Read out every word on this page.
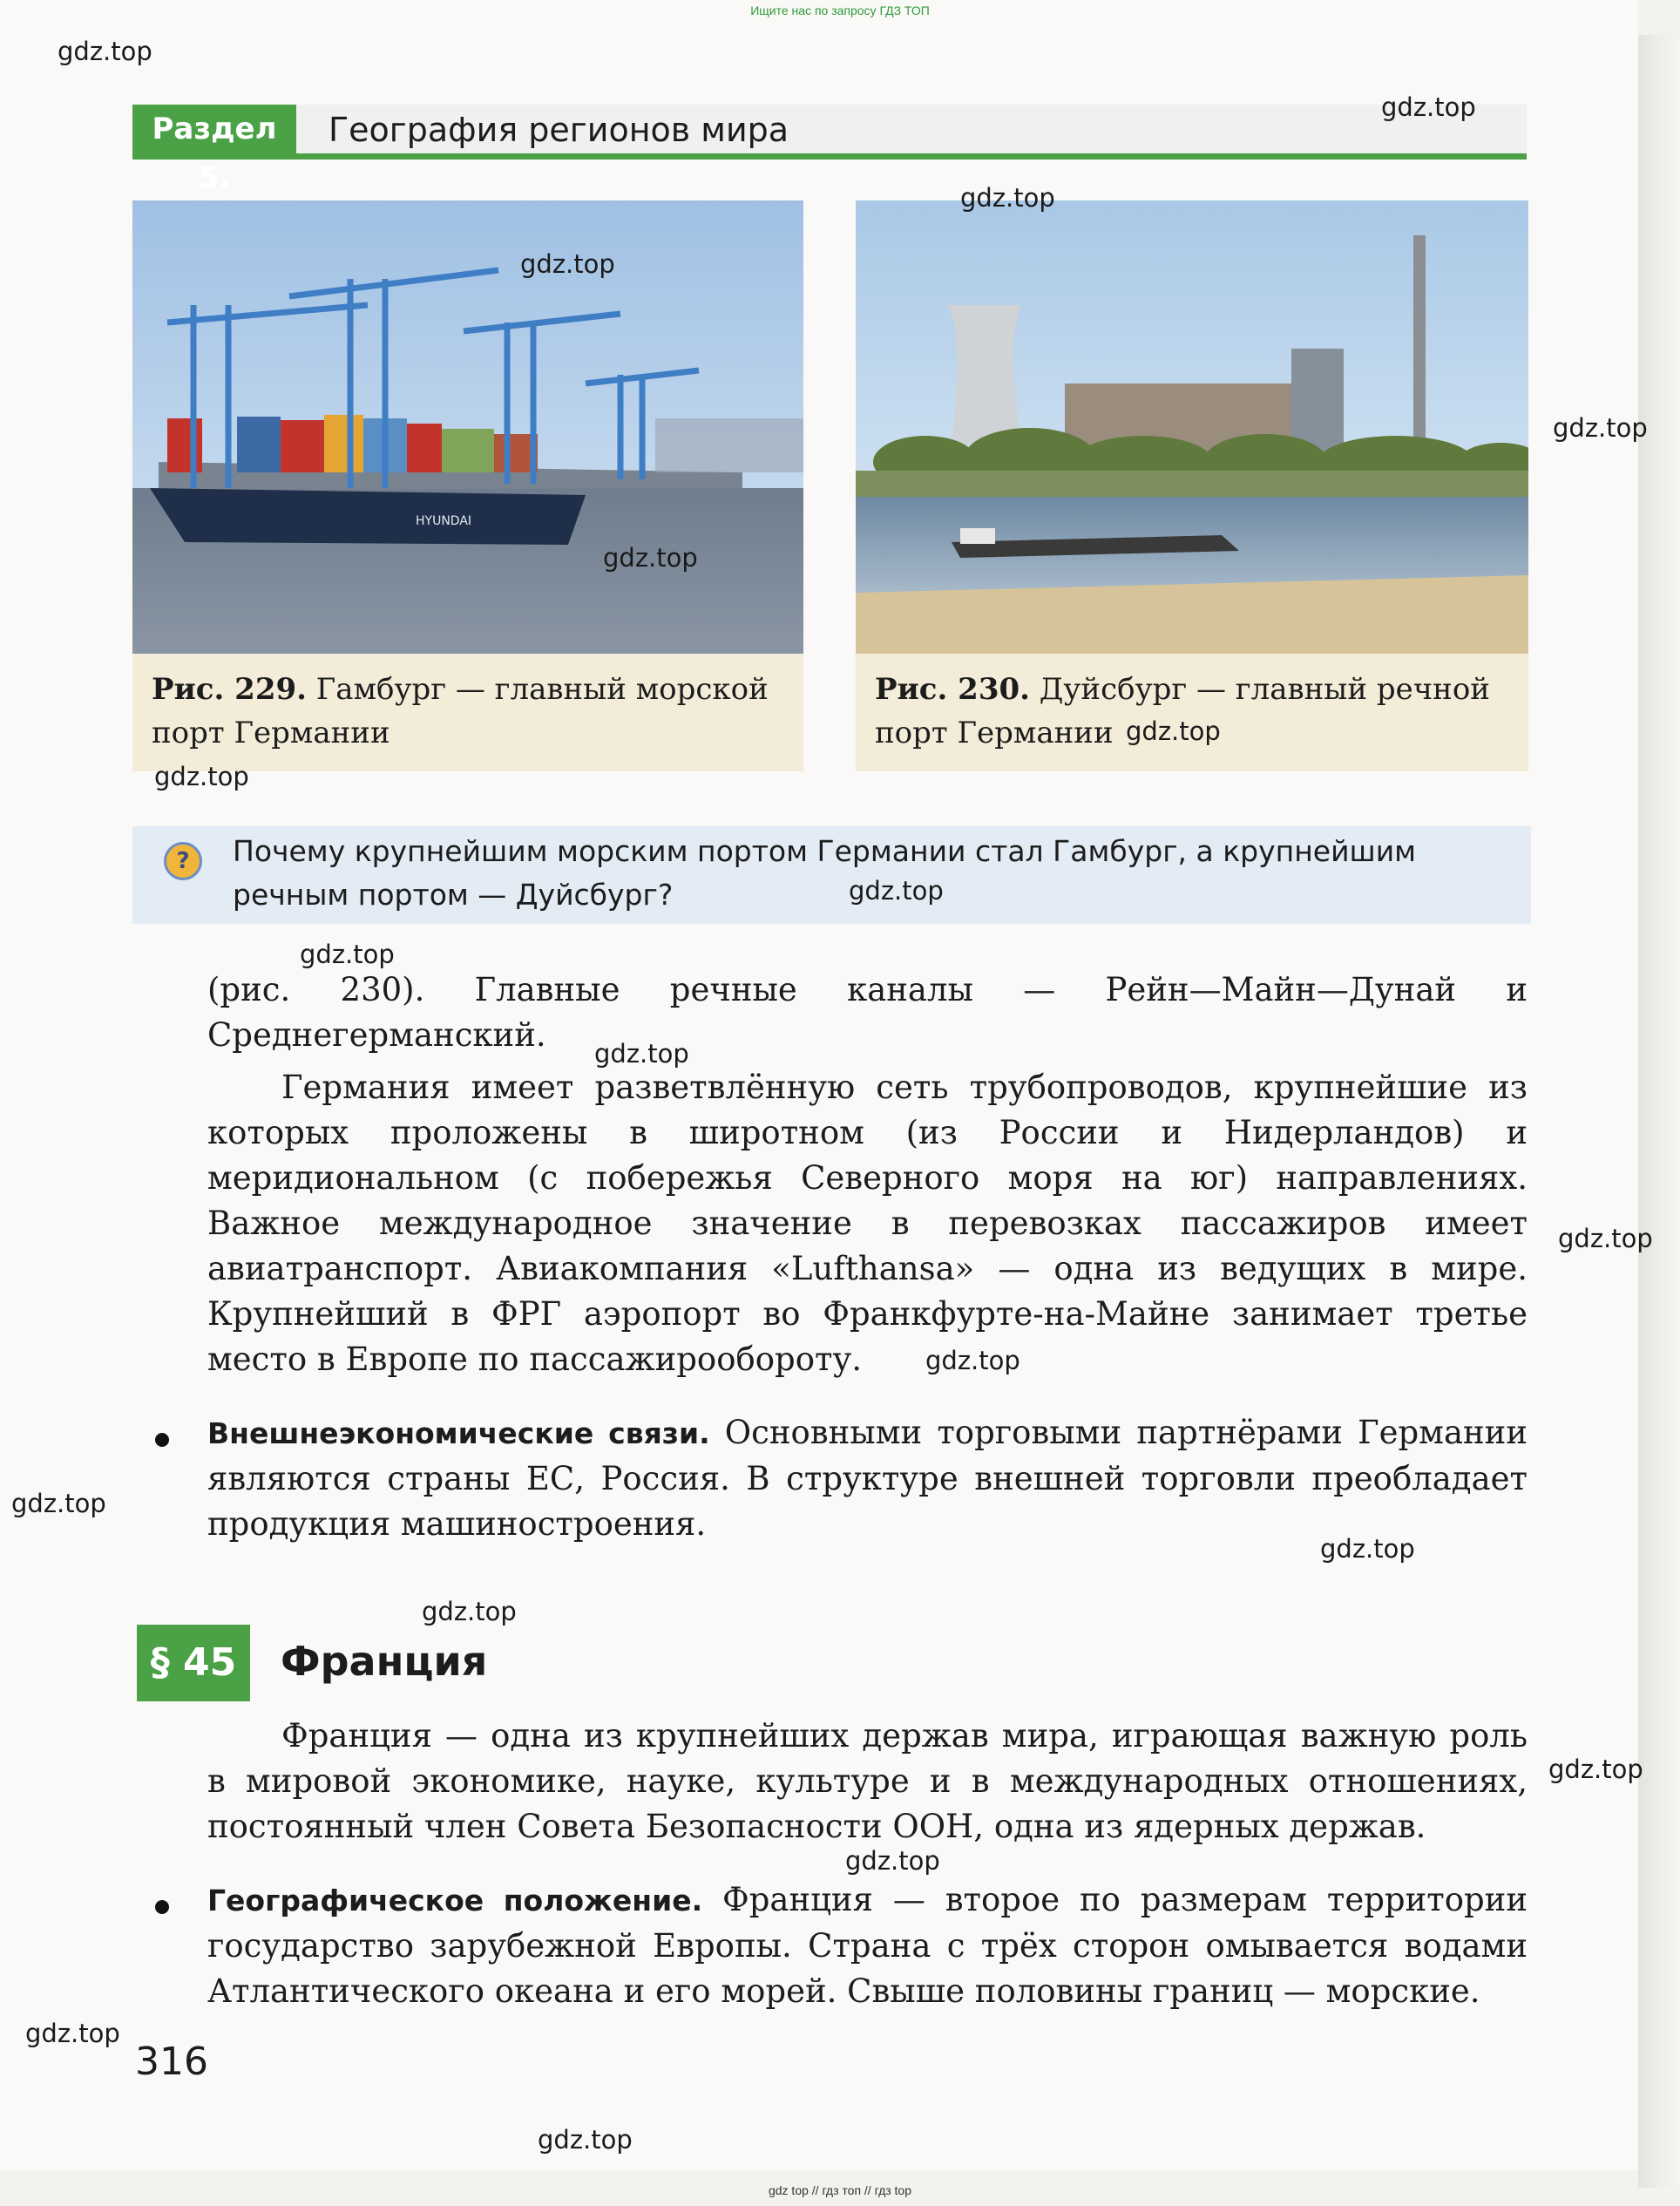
Ищите нас по запросу ГДЗ ТОП
Раздел 5.
География регионов мира
HYUNDAI
Рис. 229. Гамбург — главный морской порт Германии
Рис. 230. Дуйсбург — главный речной порт Германии
?	Почему крупнейшим морским портом Германии стал Гамбург, а крупнейшим речным портом — Дуйсбург?
(рис. 230). Главные речные каналы — Рейн—Майн—Дунай и Среднегерманский.
Германия имеет разветвлённую сеть трубопроводов, крупнейшие из которых проложены в широтном (из России и Нидерландов) и меридиональном (с побережья Северного моря на юг) направлениях. Важное международное значение в перевозках пассажиров имеет авиатранспорт. Авиакомпания «Lufthansa» — одна из ведущих в мире. Крупнейший в ФРГ аэропорт во Франкфурте-на-Майне занимает третье место в Европе по пассажирообороту.
Внешнеэкономические связи. Основными торговыми партнёрами Германии являются страны ЕС, Россия. В структуре внешней торговли преобладает продукция машиностроения.
§ 45	Франция
Франция — одна из крупнейших держав мира, играющая важную роль в мировой экономике, науке, культуре и в международных отношениях, постоянный член Совета Безопасности ООН, одна из ядерных держав.
Географическое положение. Франция — второе по размерам территории государство зарубежной Европы. Страна с трёх сторон омывается водами Атлантического океана и его морей. Свыше половины границ — морские.
316
gdz.top
gdz.top
gdz.top
gdz.top
gdz.top
gdz.top
gdz.top
gdz.top
gdz.top
gdz.top
gdz.top
gdz.top
gdz.top
gdz.top
gdz.top
gdz.top
gdz.top
gdz.top
gdz.top
gdz.top
gdz top // гдз топ // гдз top
